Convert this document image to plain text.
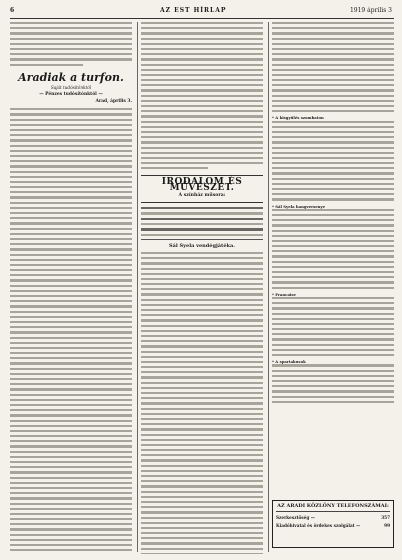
6	AZ EST HÍRLAP	1919 április 3
Aradiak a turfon.
Saját tudósítónktól
— Pénzes tudósítónktól —
Arad, április 3.
IRODALOM ÉS MŰVÉSZET.
A színház műsora:
Sál Syela vendégjátéka.
* A kisgyűlés szombaton
* Sál Syela hangversenye
* Francaise
* A spartakusok
AZ ARADI KÖZLÖNY TELEFONSZÁMAI:
Szerkesztőség —	357
Kiadóhivatal és ördekes szolgálat —	99
